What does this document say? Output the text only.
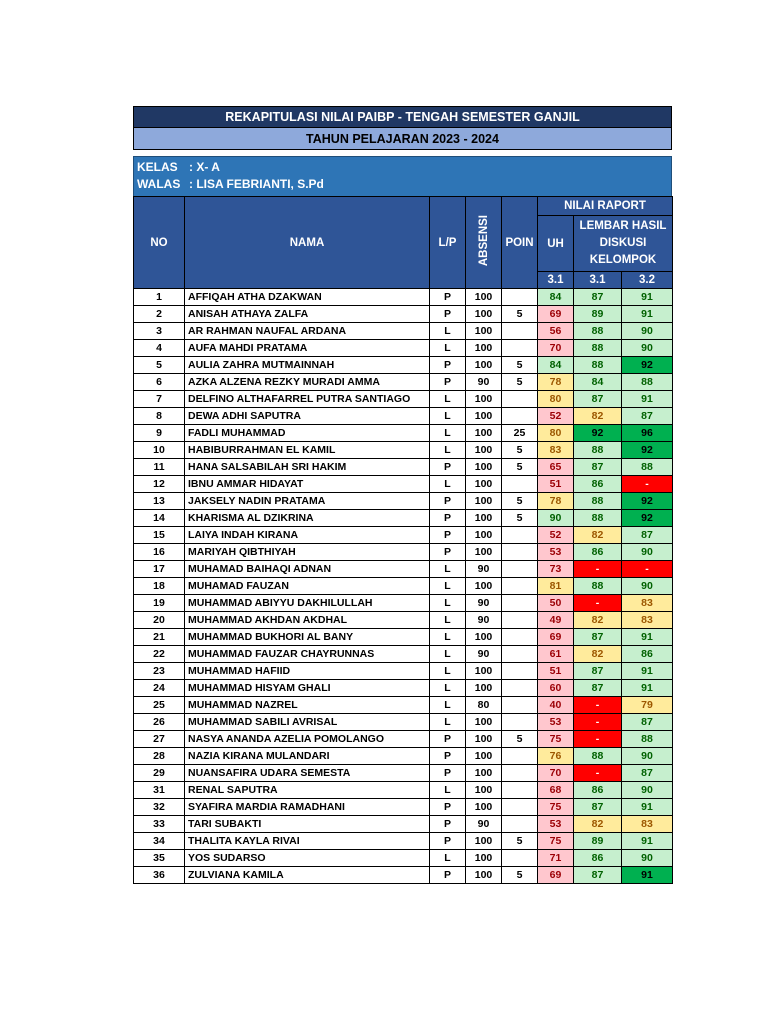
REKAPITULASI NILAI PAIBP - TENGAH SEMESTER GANJIL
TAHUN PELAJARAN 2023 - 2024
KELAS : X- A
WALAS : LISA FEBRIANTI, S.Pd
NO	NAMA	L/P	ABSENSI	POIN	NILAI RAPORT		
					UH	LEMBAR HASIL DISKUSI KELOMPOK	

					3.1	3.1	3.2
1	AFFIQAH ATHA DZAKWAN	P	100		84	87	91
2	ANISAH ATHAYA ZALFA	P	100	5	69	89	91
3	AR RAHMAN NAUFAL ARDANA	L	100		56	88	90
4	AUFA MAHDI PRATAMA	L	100		70	88	90
5	AULIA ZAHRA MUTMAINNAH	P	100	5	84	88	92
6	AZKA ALZENA REZKY MURADI AMMA	P	90	5	78	84	88
7	DELFINO ALTHAFARREL PUTRA SANTIAGO	L	100		80	87	91
8	DEWA ADHI SAPUTRA	L	100		52	82	87
9	FADLI MUHAMMAD	L	100	25	80	92	96
10	HABIBURRAHMAN EL KAMIL	L	100	5	83	88	92
11	HANA SALSABILAH SRI HAKIM	P	100	5	65	87	88
12	IBNU AMMAR HIDAYAT	L	100		51	86	-
13	JAKSELY NADIN PRATAMA	P	100	5	78	88	92
14	KHARISMA AL DZIKRINA	P	100	5	90	88	92
15	LAIYA INDAH KIRANA	P	100		52	82	87
16	MARIYAH QIBTHIYAH	P	100		53	86	90
17	MUHAMAD BAIHAQI ADNAN	L	90		73	-	-
18	MUHAMAD FAUZAN	L	100		81	88	90
19	MUHAMMAD ABIYYU DAKHILULLAH	L	90		50	-	83
20	MUHAMMAD AKHDAN AKDHAL	L	90		49	82	83
21	MUHAMMAD BUKHORI AL BANY	L	100		69	87	91
22	MUHAMMAD FAUZAR CHAYRUNNAS	L	90		61	82	86
23	MUHAMMAD HAFIID	L	100		51	87	91
24	MUHAMMAD HISYAM GHALI	L	100		60	87	91
25	MUHAMMAD NAZREL	L	80		40	-	79
26	MUHAMMAD SABILI AVRISAL	L	100		53	-	87
27	NASYA ANANDA AZELIA POMOLANGO	P	100	5	75	-	88
28	NAZIA KIRANA MULANDARI	P	100		76	88	90
29	NUANSAFIRA UDARA SEMESTA	P	100		70	-	87
31	RENAL SAPUTRA	L	100		68	86	90
32	SYAFIRA MARDIA RAMADHANI	P	100		75	87	91
33	TARI SUBAKTI	P	90		53	82	83
34	THALITA KAYLA RIVAI	P	100	5	75	89	91
35	YOS SUDARSO	L	100		71	86	90
36	ZULVIANA KAMILA	P	100	5	69	87	91
